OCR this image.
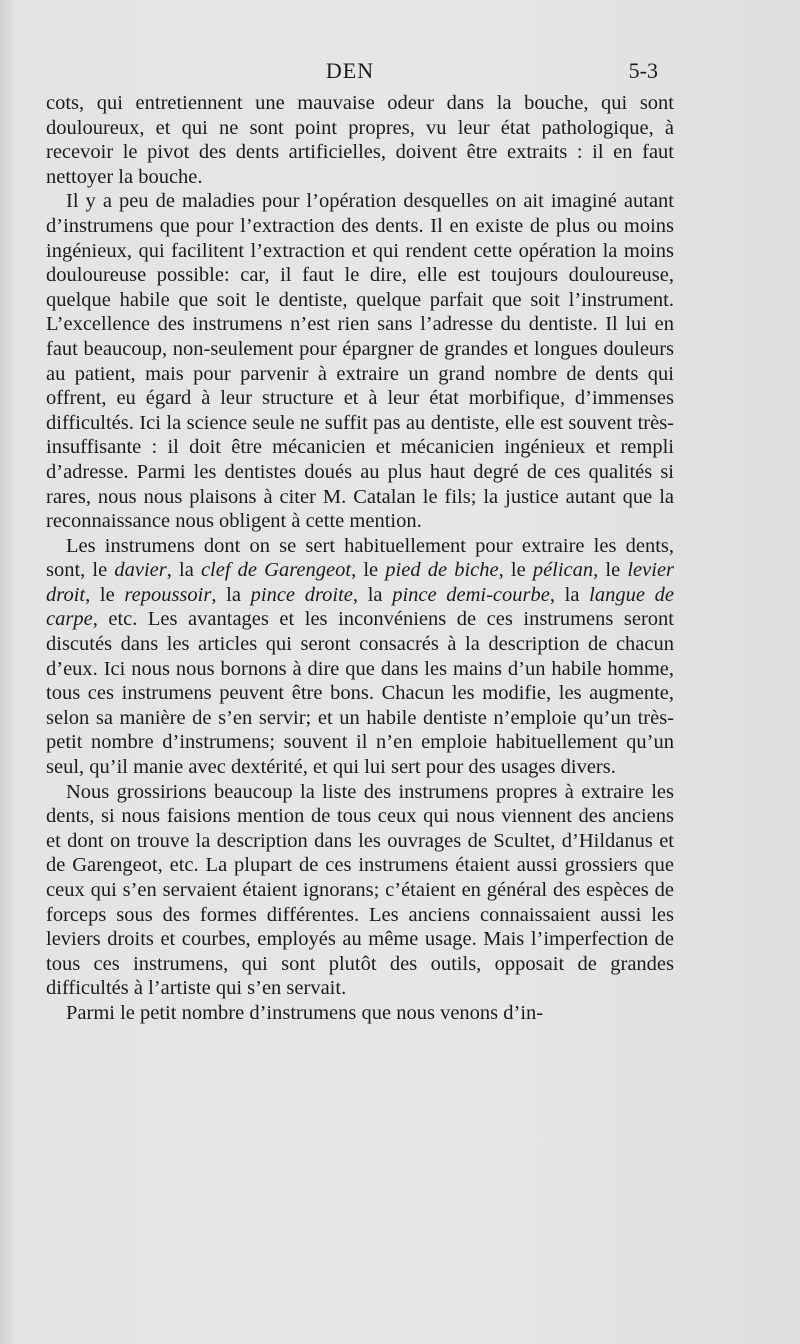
DEN	5-3

cots, qui entretiennent une mauvaise odeur dans la bouche, qui sont douloureux, et qui ne sont point propres, vu leur état pathologique, à recevoir le pivot des dents artificielles, doivent être extraits : il en faut nettoyer la bouche.

Il y a peu de maladies pour l’opération desquelles on ait imaginé autant d’instrumens que pour l’extraction des dents. Il en existe de plus ou moins ingénieux, qui facilitent l’extraction et qui rendent cette opération la moins douloureuse possible: car, il faut le dire, elle est toujours douloureuse, quelque habile que soit le dentiste, quelque parfait que soit l’instrument. L’excellence des instrumens n’est rien sans l’adresse du dentiste. Il lui en faut beaucoup, non-seulement pour épargner de grandes et longues douleurs au patient, mais pour parvenir à extraire un grand nombre de dents qui offrent, eu égard à leur structure et à leur état morbifique, d’immenses difficultés. Ici la science seule ne suffit pas au dentiste, elle est souvent très-insuffisante : il doit être mécanicien et mécanicien ingénieux et rempli d’adresse. Parmi les dentistes doués au plus haut degré de ces qualités si rares, nous nous plaisons à citer M. Catalan le fils; la justice autant que la reconnaissance nous obligent à cette mention.

Les instrumens dont on se sert habituellement pour extraire les dents, sont, le davier, la clef de Garengeot, le pied de biche, le pélican, le levier droit, le repoussoir, la pince droite, la pince demi-courbe, la langue de carpe, etc. Les avantages et les inconvéniens de ces instrumens seront discutés dans les articles qui seront consacrés à la description de chacun d’eux. Ici nous nous bornons à dire que dans les mains d’un habile homme, tous ces instrumens peuvent être bons. Chacun les modifie, les augmente, selon sa manière de s’en servir; et un habile dentiste n’emploie qu’un très-petit nombre d’instrumens; souvent il n’en emploie habituellement qu’un seul, qu’il manie avec dextérité, et qui lui sert pour des usages divers.

Nous grossirions beaucoup la liste des instrumens propres à extraire les dents, si nous faisions mention de tous ceux qui nous viennent des anciens et dont on trouve la description dans les ouvrages de Scultet, d’Hildanus et de Garengeot, etc. La plupart de ces instrumens étaient aussi grossiers que ceux qui s’en servaient étaient ignorans; c’étaient en général des espèces de forceps sous des formes différentes. Les anciens connaissaient aussi les leviers droits et courbes, employés au même usage. Mais l’imperfection de tous ces instrumens, qui sont plutôt des outils, opposait de grandes difficultés à l’artiste qui s’en servait.

Parmi le petit nombre d’instrumens que nous venons d’in-
